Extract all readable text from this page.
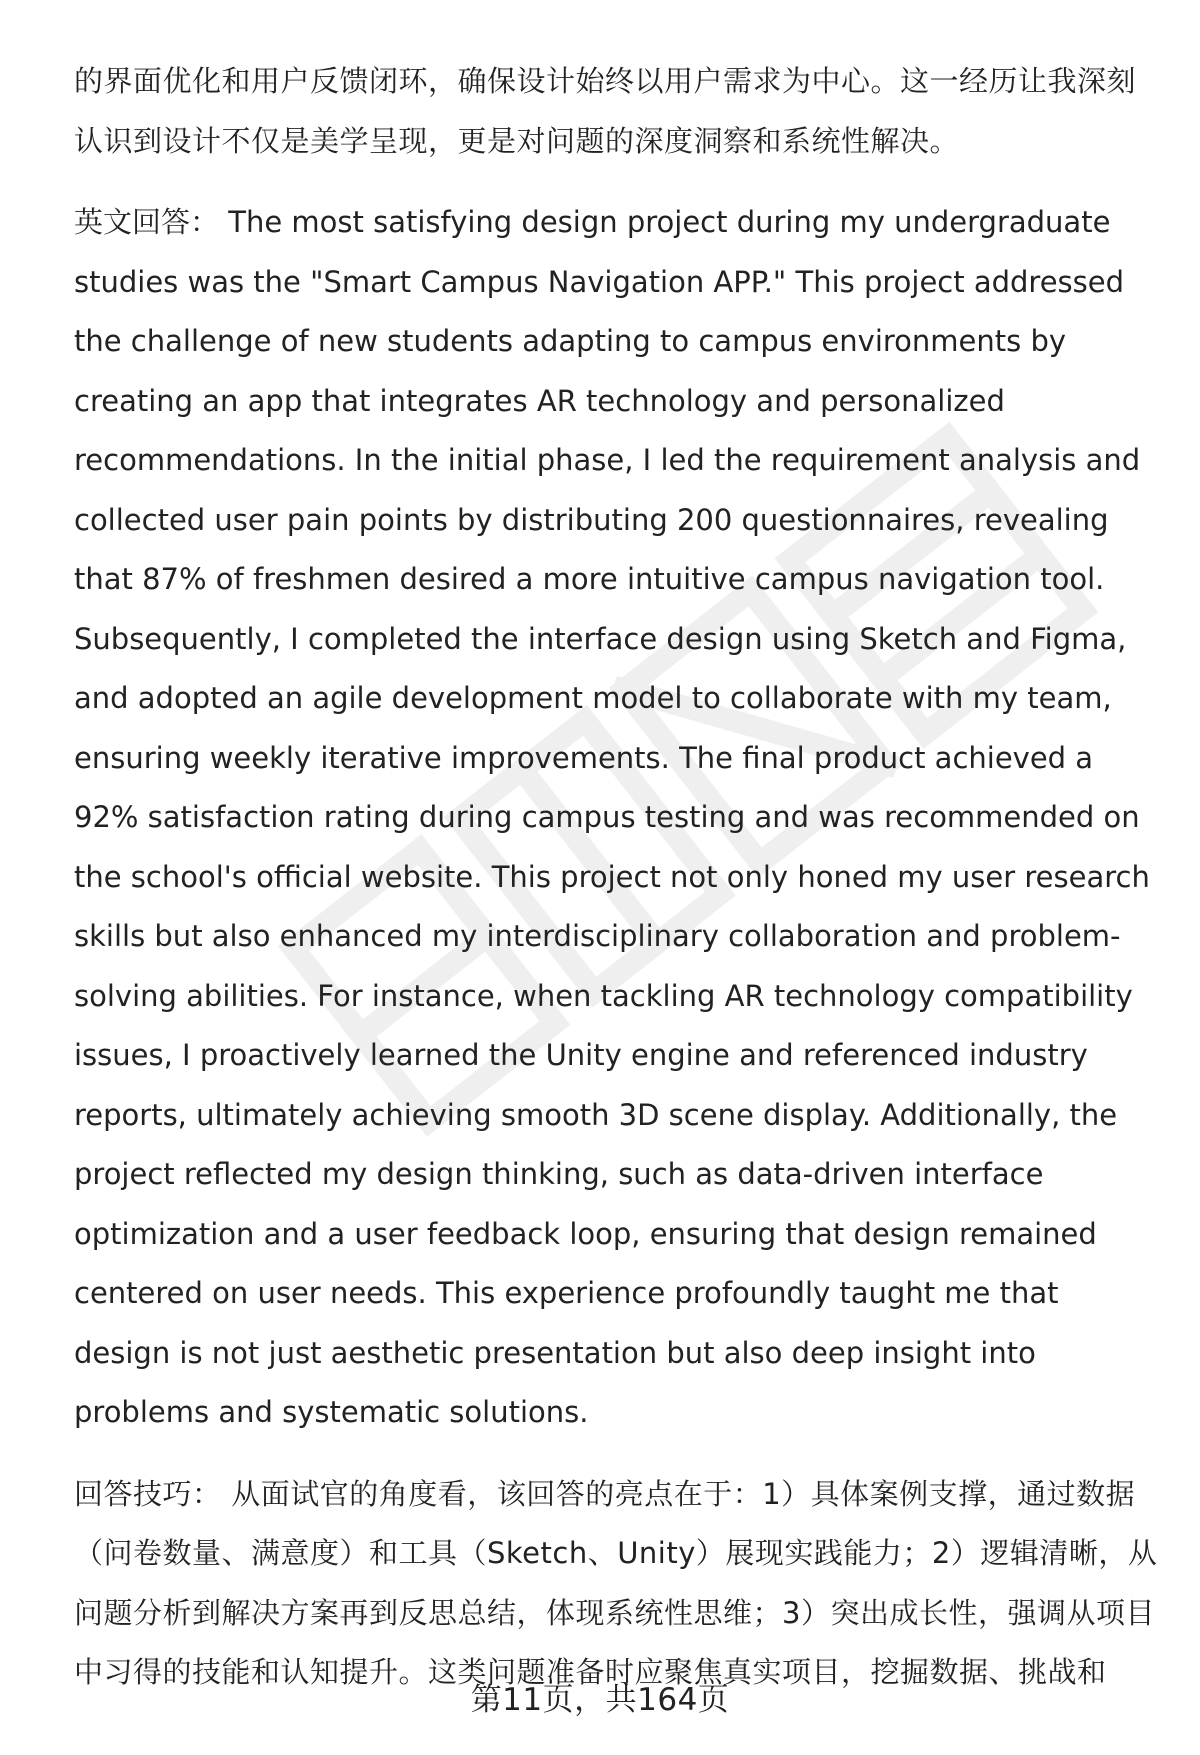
的界面优化和用户反馈闭环，确保设计始终以用户需求为中心。这一经历让我深刻认识到设计不仅是美学呈现，更是对问题的深度洞察和系统性解决。

英文回答： The most satisfying design project during my undergraduate studies was the "Smart Campus Navigation APP." This project addressed the challenge of new students adapting to campus environments by creating an app that integrates AR technology and personalized recommendations. In the initial phase, I led the requirement analysis and collected user pain points by distributing 200 questionnaires, revealing that 87% of freshmen desired a more intuitive campus navigation tool. Subsequently, I completed the interface design using Sketch and Figma, and adopted an agile development model to collaborate with my team, ensuring weekly iterative improvements. The final product achieved a 92% satisfaction rating during campus testing and was recommended on the school's official website. This project not only honed my user research skills but also enhanced my interdisciplinary collaboration and problem-solving abilities. For instance, when tackling AR technology compatibility issues, I proactively learned the Unity engine and referenced industry reports, ultimately achieving smooth 3D scene display. Additionally, the project reflected my design thinking, such as data-driven interface optimization and a user feedback loop, ensuring that design remained centered on user needs. This experience profoundly taught me that design is not just aesthetic presentation but also deep insight into problems and systematic solutions.

回答技巧： 从面试官的角度看，该回答的亮点在于：1）具体案例支撑，通过数据（问卷数量、满意度）和工具（Sketch、Unity）展现实践能力；2）逻辑清晰，从问题分析到解决方案再到反思总结，体现系统性思维；3）突出成长性，强调从项目中习得的技能和认知提升。这类问题准备时应聚焦真实项目，挖掘数据、挑战和

第11页，共164页
